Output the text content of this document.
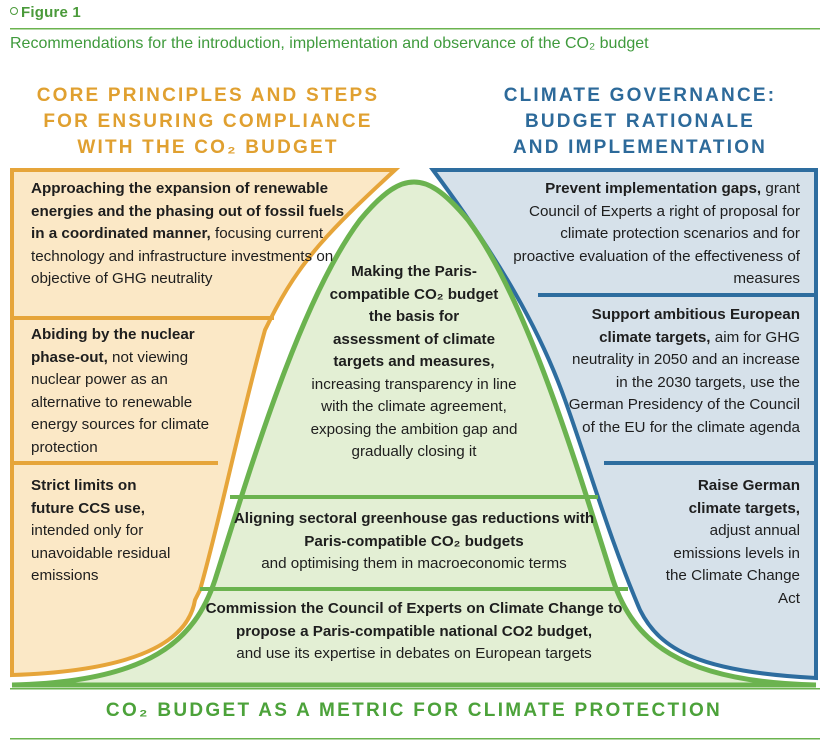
Figure 1
Recommendations for the introduction, implementation and observance of the CO₂ budget
CORE PRINCIPLES AND STEPS
FOR ENSURING COMPLIANCE
WITH THE CO₂ BUDGET
CLIMATE GOVERNANCE:
BUDGET RATIONALE
AND IMPLEMENTATION
Approaching the expansion of renewable energies and the phasing out of fossil fuels in a coordinated manner, focusing current technology and infrastructure investments on objective of GHG neutrality
Abiding by the nuclear phase-out, not viewing nuclear power as an alternative to renewable energy sources for climate protection
Strict limits on future CCS use, intended only for unavoidable residual emissions
Prevent implementation gaps, grant Council of Experts a right of proposal for climate protection scenarios and for proactive evaluation of the effectiveness of measures
Support ambitious European climate targets, aim for GHG neutrality in 2050 and an increase in the 2030 targets, use the German Presidency of the Council of the EU for the climate agenda
Raise German climate targets, adjust annual emissions levels in the Climate Change Act
Making the Paris-compatible CO₂ budget the basis for assessment of climate targets and measures,
increasing transparency in line with the climate agreement, exposing the ambition gap and gradually closing it
Aligning sectoral greenhouse gas reductions with Paris-compatible CO₂ budgets
and optimising them in macroeconomic terms
Commission the Council of Experts on Climate Change to propose a Paris-compatible national CO2 budget,
and use its expertise in debates on European targets
CO₂ BUDGET AS A METRIC FOR CLIMATE PROTECTION
